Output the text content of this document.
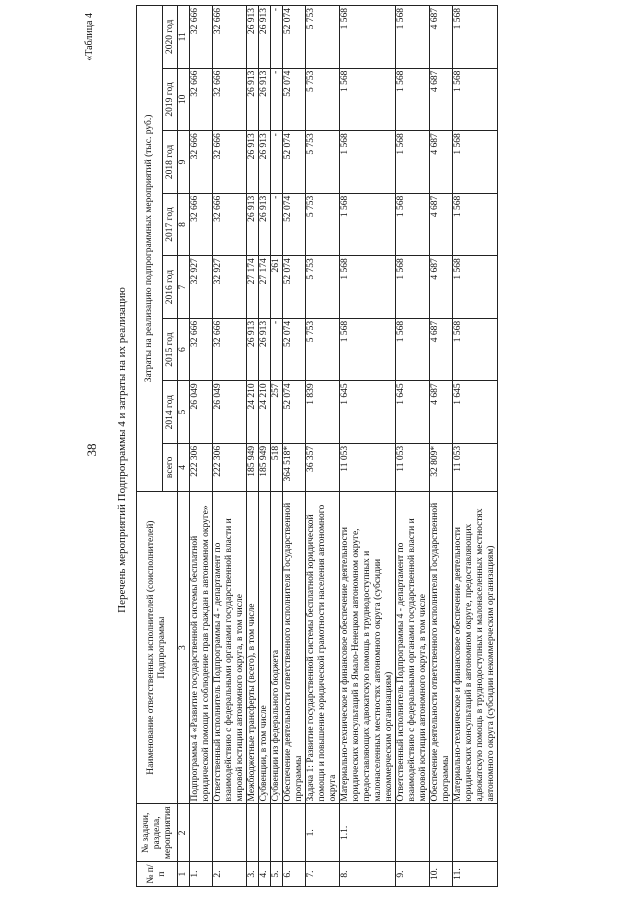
38
«Таблица 4
Перечень мероприятий Подпрограммы 4 и затраты на их реализацию
№ п/п	№ задачи, раздела, мероприятия	Наименование ответственных исполнителей (соисполнителей) Подпрограммы	Затраты на реализацию подпрограммных мероприятий (тыс. руб.)							
			всего	2014 год	2015 год	2016 год	2017 год	2018 год	2019 год	2020 год
1	2	3	4	5	6	7	8	9	10	11
1.		Подпрограмма 4 «Развитие государственной системы бесплатной юридической помощи и соблюдение прав граждан в автономном округе»	222 306	26 049	32 666	32 927	32 666	32 666	32 666	32 666
2.		Ответственный исполнитель Подпрограммы 4 - департамент по взаимодействию с федеральными органами государственной власти и мировой юстиции автономного округа, в том числе	222 306	26 049	32 666	32 927	32 666	32 666	32 666	32 666
3.		Межбюджетные трансферты (всего), в том числе	185 949	24 210	26 913	27 174	26 913	26 913	26 913	26 913
4.		Субвенции, в том числе	185 949	24 210	26 913	27 174	26 913	26 913	26 913	26 913
5.		Субвенции из федерального бюджета	518	257	-	261	-	-	-	-
6.		Обеспечение деятельности ответственного исполнителя Государственной программы	364 518*	52 074	52 074	52 074	52 074	52 074	52 074	52 074
7.	1.	Задача 1: Развитие государственной системы бесплатной юридической помощи и повышение юридической грамотности населения автономного округа	36 357	1 839	5 753	5 753	5 753	5 753	5 753	5 753
8.	1.1.	Материально-техническое и финансовое обеспечение деятельности юридических консультаций в Ямало-Ненецком автономном округе, предоставляющих адвокатскую помощь в труднодоступных и малонаселенных местностях автономного округа (субсидии некоммерческим организациям)	11 053	1 645	1 568	1 568	1 568	1 568	1 568	1 568
9.		Ответственный исполнитель Подпрограммы 4 - департамент по взаимодействию с федеральными органами государственной власти и мировой юстиции автономного округа, в том числе	11 053	1 645	1 568	1 568	1 568	1 568	1 568	1 568
10.		Обеспечение деятельности ответственного исполнителя Государственной программы	32 809*	4 687	4 687	4 687	4 687	4 687	4 687	4 687
11.		Материально-техническое и финансовое обеспечение деятельности юридических консультаций в автономном округе, предоставляющих адвокатскую помощь в труднодоступных и малонаселенных местностях автономного округа (субсидии некоммерческим организациям)	11 053	1 645	1 568	1 568	1 568	1 568	1 568	1 568
